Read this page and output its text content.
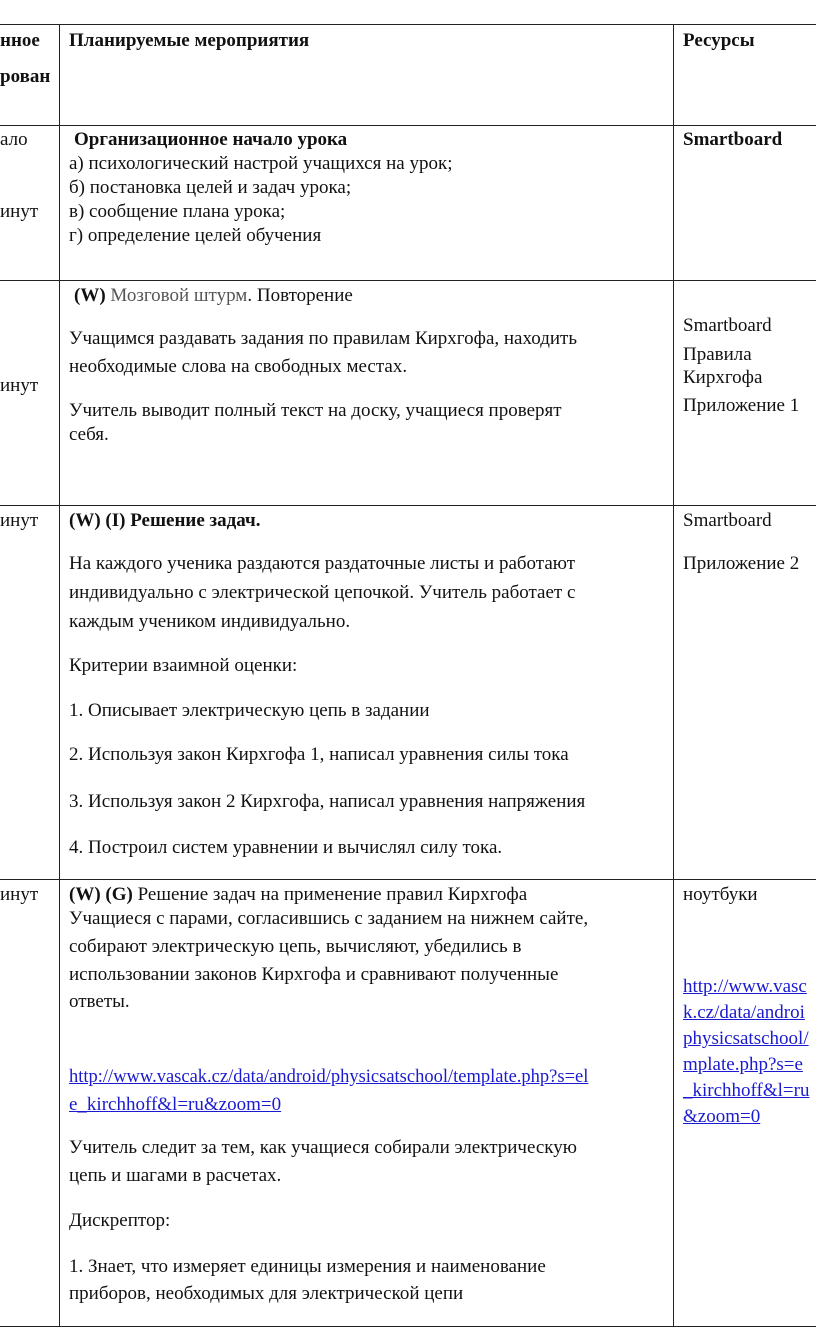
нное
рован
Планируемые мероприятия	Ресурсы
ало
инут
Организационное начало урока
а) психологический настрой учащихся на урок;
б) постановка целей и задач урока;
в) сообщение плана урока;
г) определение целей обучения
Smartboard
инут
(W) Мозговой штурм. Повторение
Учащимся раздавать задания по правилам Кирхгофа, находить
необходимые слова на свободных местах.
Учитель выводит полный текст на доску, учащиеся проверят
себя.
Smartboard
Правила
Кирхгофа
Приложение 1
инут (W) (I) Решение задач.
На каждого ученика раздаются раздаточные листы и работают
индивидуально с электрической цепочкой. Учитель работает с
каждым учеником индивидуально.
Критерии взаимной оценки:
1. Описывает электрическую цепь в задании
2. Используя закон Кирхгофа 1, написал уравнения силы тока
3. Используя закон 2 Кирхгофа, написал уравнения напряжения
4. Построил систем уравнении и вычислял силу тока.
Smartboard
Приложение 2
инут (W) (G) Решение задач на применение правил Кирхгофа
Учащиеся с парами, согласившись с заданием на нижнем сайте,
собирают электрическую цепь, вычисляют, убедились в
использовании законов Кирхгофа и сравнивают полученные
ответы.
http://www.vascak.cz/data/android/physicsatschool/template.php?s=el
e_kirchhoff&l=ru&zoom=0
Учитель следит за тем, как учащиеся собирали электрическую
цепь и шагами в расчетах.
Дискрептор:
1. Знает, что измеряет единицы измерения и наименование
приборов, необходимых для электрической цепи
ноутбуки
http://www.vasc
k.cz/data/androi
physicsatschool/
mplate.php?s=e
_kirchhoff&l=ru
&zoom=0
